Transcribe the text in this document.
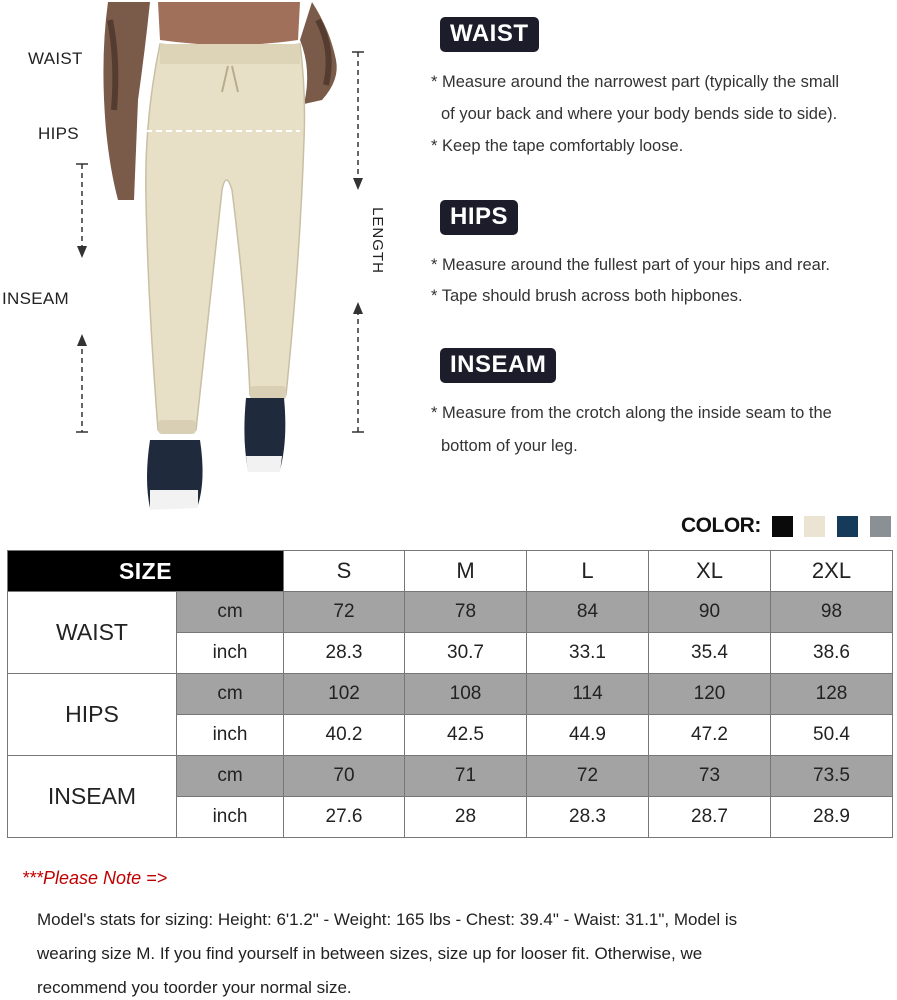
WAIST
HIPS
INSEAM
LENGTH
WAIST
* Measure around the narrowest part (typically the small
of your back and where your body bends side to side).
* Keep the tape comfortably loose.
HIPS
* Measure around the fullest part of your hips and rear.
* Tape should brush across both hipbones.
INSEAM
* Measure from the crotch along the inside seam to the
bottom of your leg.
COLOR:
SIZE		S	M	L	XL	2XL
WAIST	cm	72	78	84	90	98
	inch	28.3	30.7	33.1	35.4	38.6
HIPS	cm	102	108	114	120	128
	inch	40.2	42.5	44.9	47.2	50.4
INSEAM	cm	70	71	72	73	73.5
	inch	27.6	28	28.3	28.7	28.9
***Please Note =>
Model's stats for sizing: Height: 6'1.2" - Weight: 165 lbs - Chest: 39.4" - Waist: 31.1", Model is
wearing size M. If you find yourself in between sizes, size up for looser fit. Otherwise, we
recommend you toorder your normal size.
